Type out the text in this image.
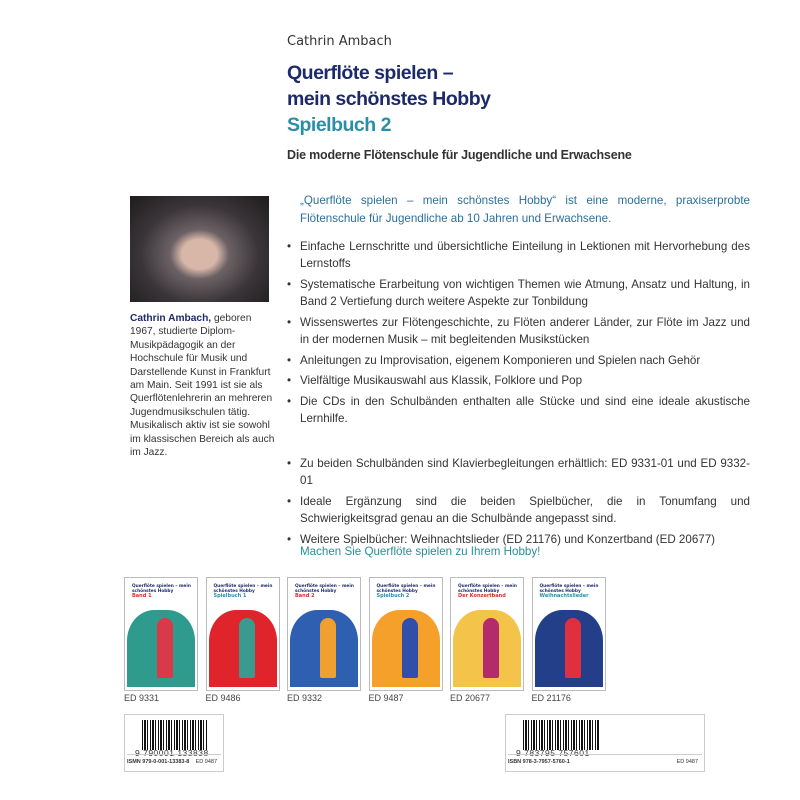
Cathrin Ambach
Querflöte spielen –
mein schönstes Hobby
Spielbuch 2
Die moderne Flötenschule für Jugendliche und Erwachsene
Cathrin Ambach, geboren 1967, studierte Diplom-Musikpädagogik an der Hochschule für Musik und Darstellende Kunst in Frankfurt am Main. Seit 1991 ist sie als Querflötenlehrerin an mehreren Jugendmusikschulen tätig. Musikalisch aktiv ist sie sowohl im klassischen Bereich als auch im Jazz.
„Querflöte spielen – mein schönstes Hobby“ ist eine moderne, praxiserprobte Flötenschule für Jugendliche ab 10 Jahren und Erwachsene.
• Einfache Lernschritte und übersichtliche Einteilung in Lektionen mit Hervorhebung des Lernstoffs
• Systematische Erarbeitung von wichtigen Themen wie Atmung, Ansatz und Haltung, in Band 2 Vertiefung durch weitere Aspekte zur Tonbildung
• Wissenswertes zur Flötengeschichte, zu Flöten anderer Länder, zur Flöte im Jazz und in der modernen Musik – mit begleitenden Musikstücken
• Anleitungen zu Improvisation, eigenem Komponieren und Spielen nach Gehör
• Vielfältige Musikauswahl aus Klassik, Folklore und Pop
• Die CDs in den Schulbänden enthalten alle Stücke und sind eine ideale akustische Lernhilfe.
• Zu beiden Schulbänden sind Klavierbegleitungen erhältlich: ED 9331-01 und ED 9332-01
• Ideale Ergänzung sind die beiden Spielbücher, die in Tonumfang und Schwierigkeitsgrad genau an die Schulbände angepasst sind.
• Weitere Spielbücher: Weihnachtslieder (ED 21176) und Konzertband (ED 20677)
Machen Sie Querflöte spielen zu Ihrem Hobby!
Querflöte spielen – mein schönstes Hobby
Band 1
ED 9331
Querflöte spielen – mein schönstes Hobby
Spielbuch 1
ED 9486
Querflöte spielen – mein schönstes Hobby
Band 2
ED 9332
Querflöte spielen – mein schönstes Hobby
Spielbuch 2
ED 9487
Querflöte spielen – mein schönstes Hobby
Der Konzertband
ED 20677
Querflöte spielen – mein schönstes Hobby
Weihnachtslieder
ED 21176
9 790001 133838
ISMN 979-0-001-13383-8 ED 9487
9 783795 757601
ISBN 978-3-7957-5760-1	ED 9487
